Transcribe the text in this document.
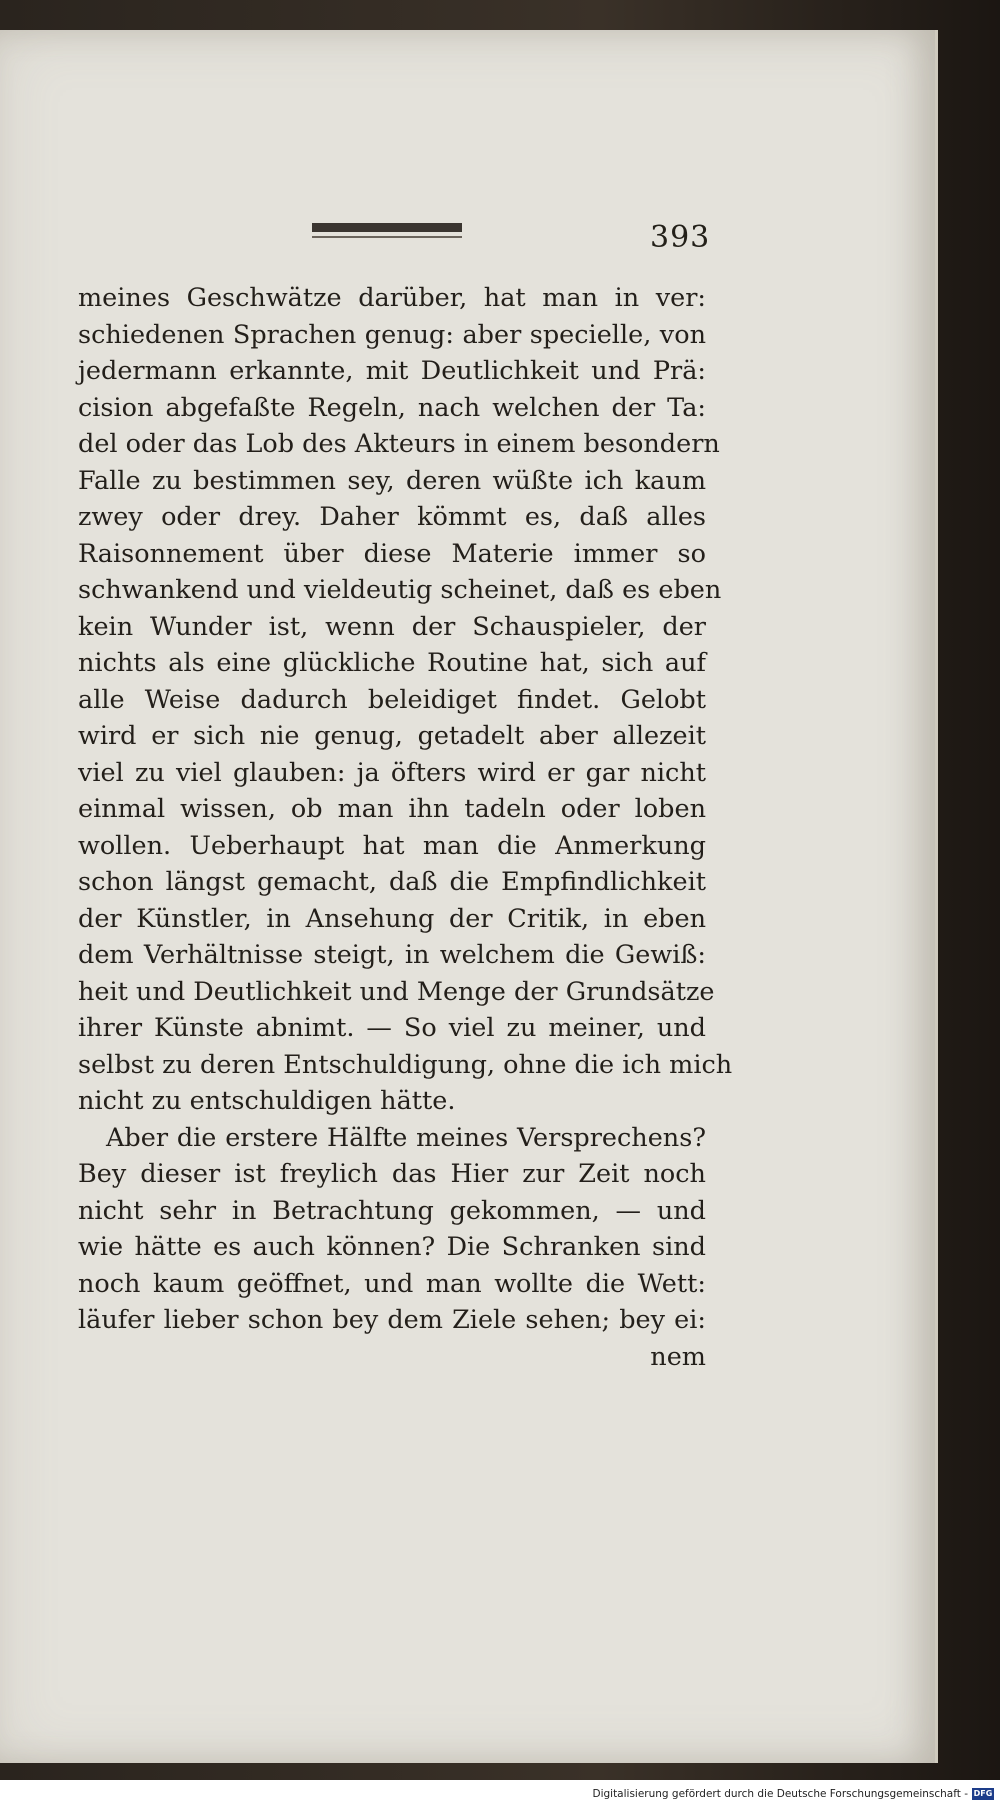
393
meines Geschwätze darüber, hat man in ver:
schiedenen Sprachen genug: aber specielle, von
jedermann erkannte, mit Deutlichkeit und Prä:
cision abgefaßte Regeln, nach welchen der Ta:
del oder das Lob des Akteurs in einem besondern
Falle zu bestimmen sey, deren wüßte ich kaum
zwey oder drey. Daher kömmt es, daß alles
Raisonnement über diese Materie immer so
schwankend und vieldeutig scheinet, daß es eben
kein Wunder ist, wenn der Schauspieler, der
nichts als eine glückliche Routine hat, sich auf
alle Weise dadurch beleidiget findet. Gelobt
wird er sich nie genug, getadelt aber allezeit
viel zu viel glauben: ja öfters wird er gar nicht
einmal wissen, ob man ihn tadeln oder loben
wollen. Ueberhaupt hat man die Anmerkung
schon längst gemacht, daß die Empfindlichkeit
der Künstler, in Ansehung der Critik, in eben
dem Verhältnisse steigt, in welchem die Gewiß:
heit und Deutlichkeit und Menge der Grundsätze
ihrer Künste abnimt. — So viel zu meiner, und
selbst zu deren Entschuldigung, ohne die ich mich
nicht zu entschuldigen hätte.
Aber die erstere Hälfte meines Versprechens?
Bey dieser ist freylich das Hier zur Zeit noch
nicht sehr in Betrachtung gekommen, — und
wie hätte es auch können? Die Schranken sind
noch kaum geöffnet, und man wollte die Wett:
läufer lieber schon bey dem Ziele sehen; bey ei:
nem
Digitalisierung gefördert durch die Deutsche Forschungsgemeinschaft - DFG
